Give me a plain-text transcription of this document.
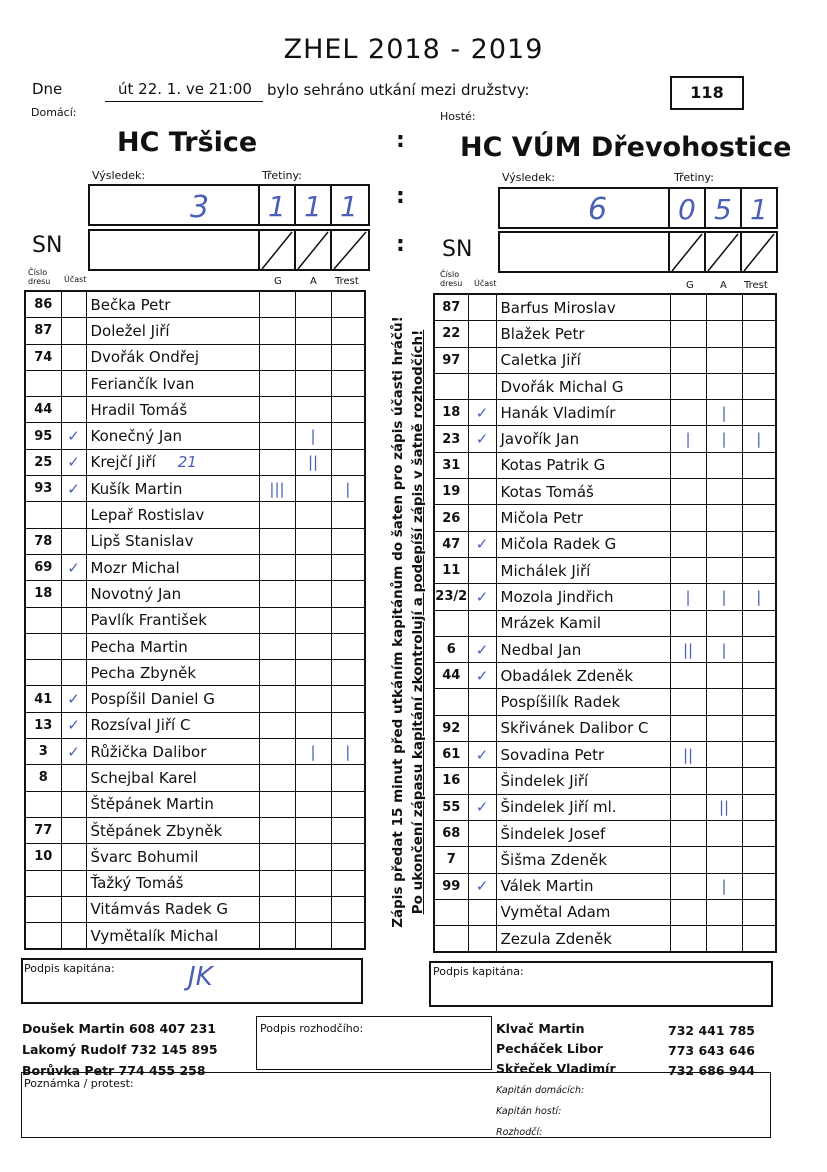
ZHEL 2018 - 2019
Dne	út 22. 1. ve 21:00	bylo sehráno utkání mezi družstvy:	118
Domácí:	Hosté:
HC Tršice	: HC VÚM Dřevohostice
Výsledek:	Třetiny:
3 1 1 1 :
Výsledek:	Třetiny:
6	0 5 1
SN	: SN
Číslo dresu	Účast	G	A Trest
Číslo dresu	Účast	G	A Trest
86		Bečka Petr			
87		Doležel Jiří			
74		Dvořák Ondřej			
		Feriančík Ivan			
44		Hradil Tomáš			
95	✓	Konečný Jan		|	
25	✓	Krejčí Jiří 21		||	
93	✓	Kušík Martin	|||		|
		Lepař Rostislav			
78		Lipš Stanislav			
69	✓	Mozr Michal			
18		Novotný Jan			
		Pavlík František			
		Pecha Martin			
		Pecha Zbyněk			
41	✓	Pospíšil Daniel G			
13	✓	Rozsíval Jiří C			
3	✓	Růžička Dalibor		|	|
8		Schejbal Karel			
		Štěpánek Martin			
77		Štěpánek Zbyněk			
10		Švarc Bohumil			
		Ťažký Tomáš			
		Vitámvás Radek G			
		Vymětalík Michal			
87		Barfus Miroslav			
22		Blažek Petr			
97		Caletka Jiří			
		Dvořák Michal G			
18	✓	Hanák Vladimír		|	
23	✓	Javořík Jan	|	|	|
31		Kotas Patrik G			
19		Kotas Tomáš			
26		Mičola Petr			
47	✓	Mičola Radek G			
11		Michálek Jiří			
23/2	✓	Mozola Jindřich	|	|	|
		Mrázek Kamil			
6	✓	Nedbal Jan	||	|	
44	✓	Obadálek Zdeněk			
		Pospíšilík Radek			
92		Skřivánek Dalibor C			
61	✓	Sovadina Petr	||		
16		Šindelek Jiří			
55	✓	Šindelek Jiří ml.		||	
68		Šindelek Josef			
7		Šišma Zdeněk			
99	✓	Válek Martin		|	
		Vymětal Adam			
		Zezula Zdeněk			
Zápis předat 15 minut před utkáním kapitánům do šaten pro zápis účasti hráčů! Po ukončení zápasu kapitání zkontrolují a podepíší zápis v šatně rozhodčích!
Podpis kapitána:	JK	Podpis kapitána:
Doušek Martin 608 407 231
Lakomý Rudolf 732 145 895
Borůvka Petr 774 455 258
Podpis rozhodčího:	Klvač Martin
Pecháček Libor
Skřeček Vladimír
732 441 785
773 643 646
732 686 944
Poznámka / protest:
Kapitán domácích:
Kapitán hostí:
Rozhodčí:
